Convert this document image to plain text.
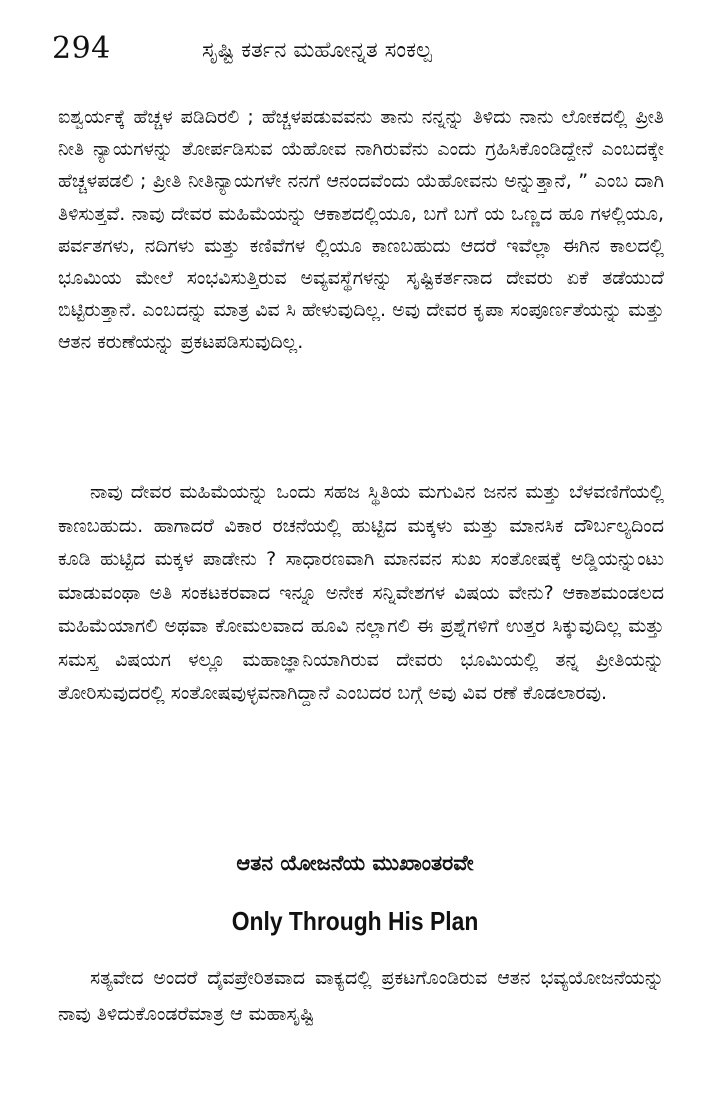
294	ಸೃಷ್ಟಿ ಕರ್ತನ ಮಹೋನ್ನತ ಸಂಕಲ್ಪ

ಐಶ್ವರ್ಯಕ್ಕೆ ಹೆಚ್ಚಳ ಪಡಿದಿರಲಿ ; ಹೆಚ್ಚಳಪಡುವವನು ತಾನು ನನ್ನನ್ನು ತಿಳಿದು ನಾನು ಲೋಕದಲ್ಲಿ ಪ್ರೀತಿ ನೀತಿ ನ್ಯಾಯಗಳನ್ನು ತೋರ್ಪಡಿಸುವ ಯೆಹೋವ ನಾಗಿರುವೆನು ಎಂದು ಗ್ರಹಿಸಿಕೊಂಡಿದ್ದೇನೆ ಎಂಬದಕ್ಕೇ ಹೆಚ್ಚಳಪಡಲಿ ; ಪ್ರೀತಿ ನೀತಿನ್ಯಾಯಗಳೇ ನನಗೆ ಆನಂದವೆಂದು ಯೆಹೋವನು ಅನ್ನುತ್ತಾನೆ, ” ಎಂಬ ದಾಗಿ ತಿಳಿಸುತ್ತವೆ. ನಾವು ದೇವರ ಮಹಿಮೆಯನ್ನು ಆಕಾಶದಲ್ಲಿಯೂ, ಬಗೆ ಬಗೆ ಯ ಒಣ್ಣದ ಹೂ ಗಳಲ್ಲಿಯೂ, ಪರ್ವತಗಳು, ನದಿಗಳು ಮತ್ತು ಕಣಿವೆಗಳ ಲ್ಲಿಯೂ ಕಾಣಬಹುದು ಆದರೆ ಇವೆಲ್ಲಾ ಈಗಿನ ಕಾಲದಲ್ಲಿ ಭೂಮಿಯ ಮೇಲೆ ಸಂಭವಿಸುತ್ತಿರುವ ಅವ್ಯವಸ್ಥೆಗಳನ್ನು ಸೃಷ್ಟಿಕರ್ತನಾದ ದೇವರು ಏಕೆ ತಡೆಯುದೆ ಬಿಟ್ಟಿರುತ್ತಾನೆ. ಎಂಬದನ್ನು ಮಾತ್ರ ವಿವ ಸಿ ಹೇಳುವುದಿಲ್ಲ. ಅವು ದೇವರ ಕೃಪಾ ಸಂಪೂರ್ಣತೆಯನ್ನು ಮತ್ತು ಆತನ ಕರುಣೆಯನ್ನು ಪ್ರಕಟಪಡಿಸುವುದಿಲ್ಲ.

ನಾವು ದೇವರ ಮಹಿಮೆಯನ್ನು ಒಂದು ಸಹಜ ಸ್ಥಿತಿಯ ಮಗುವಿನ ಜನನ ಮತ್ತು ಬೆಳವಣಿಗೆಯಲ್ಲಿ ಕಾಣಬಹುದು. ಹಾಗಾದರೆ ವಿಕಾರ ರಚನೆಯಲ್ಲಿ ಹುಟ್ಟಿದ ಮಕ್ಕಳು ಮತ್ತು ಮಾನಸಿಕ ದೌರ್ಬಲ್ಯದಿಂದ ಕೂಡಿ ಹುಟ್ಟಿದ ಮಕ್ಕಳ ಪಾಡೇನು ? ಸಾಧಾರಣವಾಗಿ ಮಾನವನ ಸುಖ ಸಂತೋಷಕ್ಕೆ ಅಡ್ಡಿಯನ್ನುಂಟು ಮಾಡುವಂಥಾ ಅತಿ ಸಂಕಟಕರವಾದ ಇನ್ನೂ ಅನೇಕ ಸನ್ನಿವೇಶಗಳ ವಿಷಯ ವೇನು? ಆಕಾಶಮಂಡಲದ ಮಹಿಮೆಯಾಗಲಿ ಅಥವಾ ಕೋಮಲವಾದ ಹೂವಿ ನಲ್ಲಾಗಲಿ ಈ ಪ್ರಶ್ನೆಗಳಿಗೆ ಉತ್ತರ ಸಿಕ್ಕುವುದಿಲ್ಲ ಮತ್ತು ಸಮಸ್ತ ವಿಷಯಗ ಳಲ್ಲೂ ಮಹಾಜ್ಞಾನಿಯಾಗಿರುವ ದೇವರು ಭೂಮಿಯಲ್ಲಿ ತನ್ನ ಪ್ರೀತಿಯನ್ನು ತೋರಿಸುವುದರಲ್ಲಿ ಸಂತೋಷವುಳ್ಳವನಾಗಿದ್ದಾನೆ ಎಂಬದರ ಬಗ್ಗೆ ಅವು ವಿವ ರಣೆ ಕೊಡಲಾರವು.

ಆತನ ಯೋಜನೆಯ ಮುಖಾಂತರವೇ
Only Through His Plan

ಸತ್ಯವೇದ ಅಂದರೆ ದೈವಪ್ರೇರಿತವಾದ ವಾಕ್ಯದಲ್ಲಿ ಪ್ರಕಟಗೊಂಡಿರುವ ಆತನ ಭವ್ಯಯೋಜನೆಯನ್ನು ನಾವು ತಿಳಿದುಕೊಂಡರೆಮಾತ್ರ ಆ ಮಹಾಸೃಷ್ಟಿ
